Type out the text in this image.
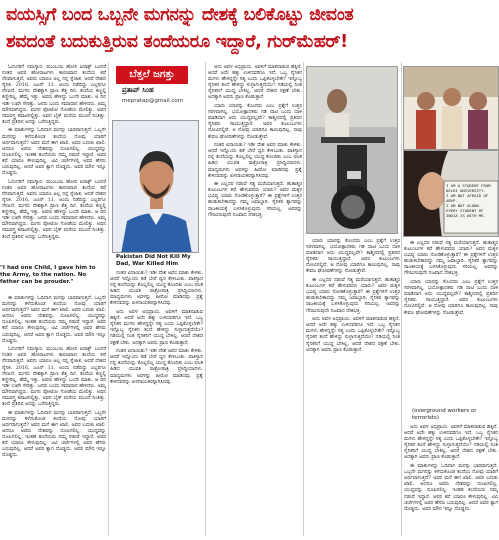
ವಯಸ್ಸಿಗೆ ಬಂದ ಒಬ್ಬನೇ ಮಗನನ್ನು ದೇಶಕ್ಕೆ ಬಲಿಕೊಟ್ಟು ಜೀವಂತ
ಶವದಂತೆ ಬದುಕುತ್ತಿರುವ ತಂದೆಯರೂ ಇದ್ದಾರೆ, ಗುರ್‌ಮೆಹರ್!

ಓದುಗರಿಗೆ ನಮಸ್ಕಾರ. ಮುಂಬಯಿ ಹೋರಿ ಐರಾಕ್ಸ್ ಬಂದರೆ ನಂತರ ಅವರ ಹೋರಾಟಗಳು ಕಾರಣವಾದ ತಂದೆಯ ಕಥೆ ನೆನಪಾಗುತ್ತದೆ. ಅವನು ಯಾರೂ ಅಲ್ಲ ನನ್ನ ಸ್ನೇಹಿತ, ಆದರೆ ದೇಶದ ಸೈನಿಕ. 2016, ಜೂನ್ 11. ಅಂದು ನಡೆದಿದ್ದು ಎಲ್ಲರಿಗೂ ನೆನಪಿದೆ. ಮಗನು ದೇಶಕ್ಕಾಗಿ ಪ್ರಾಣ ತೆತ್ತ ದಿನ. ತಂದೆಯ ಕಣ್ಣಲ್ಲಿ ಕಣ್ಣೀರಿಲ್ಲ, ಹೆಮ್ಮೆ ಇತ್ತು. ಅವರು ಹೇಳಿದ್ದು ಒಂದೇ ಮಾತು. ಆ ದಿನ ಇಡೀ ಊರೇ ಸೇರಿತ್ತು. ಜನರು ಬಂದು ಸಮಾಧಾನ ಹೇಳಿದರು. ಅಮ್ಮ ಮೌನವಾಗಿದ್ದರು. ಮಗನ ಫೋಟೋ ಗೋಡೆಯ ಮೇಲಿತ್ತು. ಅವನ ಸಮವಸ್ತ್ರ ಕಪಾಟಿನಲ್ಲಿತ್ತು. ಅವನ ಬೈಕ್ ಮನೆಯ ಮುಂದೆ ನಿಂತಿತ್ತು. ತಂದೆ ಪ್ರತಿದಿನ ಅದನ್ನು ಒರೆಸುತ್ತಿದ್ದರು.

ಈ ಮಾತುಗಳನ್ನು ಓದಿದಾಗ ಮನಸ್ಸು ಭಾರವಾಗುತ್ತದೆ. ಒಬ್ಬನೇ ಮಗನನ್ನು ಕಳೆದುಕೊಂಡ ತಂದೆಯ ನೋವು ಯಾರಿಗೆ ಅರ್ಥವಾಗುತ್ತದೆ? ಅವರ ಮನೆ ಈಗ ಖಾಲಿ. ಅವರ ಬದುಕು ಖಾಲಿ. ಆದರೂ ಅವರು ದೇಶವನ್ನು ದೂಷಿಸಲಿಲ್ಲ. ಯುದ್ಧವನ್ನು ದೂಷಿಸಲಿಲ್ಲ. ಇಂತಹ ತಂದೆಯರು ನಮ್ಮ ನಡುವೆ ಇದ್ದಾರೆ. ಅವರ ಕಥೆ ಯಾರೂ ಕೇಳುವುದಿಲ್ಲ. ಟಿವಿ ಚರ್ಚೆಗಳಲ್ಲಿ ಅವರ ಹೆಸರು ಬರುವುದಿಲ್ಲ. ಆದರೆ ಅವರ ತ್ಯಾಗ ದೊಡ್ಡದು. ಅವರ ಮೌನ ಇನ್ನೂ ದೊಡ್ಡದು.

ಓದುಗರಿಗೆ ನಮಸ್ಕಾರ. ಮುಂಬಯಿ ಹೋರಿ ಐರಾಕ್ಸ್ ಬಂದರೆ ನಂತರ ಅವರ ಹೋರಾಟಗಳು ಕಾರಣವಾದ ತಂದೆಯ ಕಥೆ ನೆನಪಾಗುತ್ತದೆ. ಅವನು ಯಾರೂ ಅಲ್ಲ ನನ್ನ ಸ್ನೇಹಿತ, ಆದರೆ ದೇಶದ ಸೈನಿಕ. 2016, ಜೂನ್ 11. ಅಂದು ನಡೆದಿದ್ದು ಎಲ್ಲರಿಗೂ ನೆನಪಿದೆ. ಮಗನು ದೇಶಕ್ಕಾಗಿ ಪ್ರಾಣ ತೆತ್ತ ದಿನ. ತಂದೆಯ ಕಣ್ಣಲ್ಲಿ ಕಣ್ಣೀರಿಲ್ಲ, ಹೆಮ್ಮೆ ಇತ್ತು. ಅವರು ಹೇಳಿದ್ದು ಒಂದೇ ಮಾತು. ಆ ದಿನ ಇಡೀ ಊರೇ ಸೇರಿತ್ತು. ಜನರು ಬಂದು ಸಮಾಧಾನ ಹೇಳಿದರು. ಅಮ್ಮ ಮೌನವಾಗಿದ್ದರು. ಮಗನ ಫೋಟೋ ಗೋಡೆಯ ಮೇಲಿತ್ತು. ಅವನ ಸಮವಸ್ತ್ರ ಕಪಾಟಿನಲ್ಲಿತ್ತು. ಅವನ ಬೈಕ್ ಮನೆಯ ಮುಂದೆ ನಿಂತಿತ್ತು. ತಂದೆ ಪ್ರತಿದಿನ ಅದನ್ನು ಒರೆಸುತ್ತಿದ್ದರು.

"I had one Child, I gave him to the Army, to the nation. No father can be prouder."

ಈ ಮಾತುಗಳನ್ನು ಓದಿದಾಗ ಮನಸ್ಸು ಭಾರವಾಗುತ್ತದೆ. ಒಬ್ಬನೇ ಮಗನನ್ನು ಕಳೆದುಕೊಂಡ ತಂದೆಯ ನೋವು ಯಾರಿಗೆ ಅರ್ಥವಾಗುತ್ತದೆ? ಅವರ ಮನೆ ಈಗ ಖಾಲಿ. ಅವರ ಬದುಕು ಖಾಲಿ. ಆದರೂ ಅವರು ದೇಶವನ್ನು ದೂಷಿಸಲಿಲ್ಲ. ಯುದ್ಧವನ್ನು ದೂಷಿಸಲಿಲ್ಲ. ಇಂತಹ ತಂದೆಯರು ನಮ್ಮ ನಡುವೆ ಇದ್ದಾರೆ. ಅವರ ಕಥೆ ಯಾರೂ ಕೇಳುವುದಿಲ್ಲ. ಟಿವಿ ಚರ್ಚೆಗಳಲ್ಲಿ ಅವರ ಹೆಸರು ಬರುವುದಿಲ್ಲ. ಆದರೆ ಅವರ ತ್ಯಾಗ ದೊಡ್ಡದು. ಅವರ ಮೌನ ಇನ್ನೂ ದೊಡ್ಡದು.

ಓದುಗರಿಗೆ ನಮಸ್ಕಾರ. ಮುಂಬಯಿ ಹೋರಿ ಐರಾಕ್ಸ್ ಬಂದರೆ ನಂತರ ಅವರ ಹೋರಾಟಗಳು ಕಾರಣವಾದ ತಂದೆಯ ಕಥೆ ನೆನಪಾಗುತ್ತದೆ. ಅವನು ಯಾರೂ ಅಲ್ಲ ನನ್ನ ಸ್ನೇಹಿತ, ಆದರೆ ದೇಶದ ಸೈನಿಕ. 2016, ಜೂನ್ 11. ಅಂದು ನಡೆದಿದ್ದು ಎಲ್ಲರಿಗೂ ನೆನಪಿದೆ. ಮಗನು ದೇಶಕ್ಕಾಗಿ ಪ್ರಾಣ ತೆತ್ತ ದಿನ. ತಂದೆಯ ಕಣ್ಣಲ್ಲಿ ಕಣ್ಣೀರಿಲ್ಲ, ಹೆಮ್ಮೆ ಇತ್ತು. ಅವರು ಹೇಳಿದ್ದು ಒಂದೇ ಮಾತು. ಆ ದಿನ ಇಡೀ ಊರೇ ಸೇರಿತ್ತು. ಜನರು ಬಂದು ಸಮಾಧಾನ ಹೇಳಿದರು. ಅಮ್ಮ ಮೌನವಾಗಿದ್ದರು. ಮಗನ ಫೋಟೋ ಗೋಡೆಯ ಮೇಲಿತ್ತು. ಅವನ ಸಮವಸ್ತ್ರ ಕಪಾಟಿನಲ್ಲಿತ್ತು. ಅವನ ಬೈಕ್ ಮನೆಯ ಮುಂದೆ ನಿಂತಿತ್ತು. ತಂದೆ ಪ್ರತಿದಿನ ಅದನ್ನು ಒರೆಸುತ್ತಿದ್ದರು.

ಈ ಮಾತುಗಳನ್ನು ಓದಿದಾಗ ಮನಸ್ಸು ಭಾರವಾಗುತ್ತದೆ. ಒಬ್ಬನೇ ಮಗನನ್ನು ಕಳೆದುಕೊಂಡ ತಂದೆಯ ನೋವು ಯಾರಿಗೆ ಅರ್ಥವಾಗುತ್ತದೆ? ಅವರ ಮನೆ ಈಗ ಖಾಲಿ. ಅವರ ಬದುಕು ಖಾಲಿ. ಆದರೂ ಅವರು ದೇಶವನ್ನು ದೂಷಿಸಲಿಲ್ಲ. ಯುದ್ಧವನ್ನು ದೂಷಿಸಲಿಲ್ಲ. ಇಂತಹ ತಂದೆಯರು ನಮ್ಮ ನಡುವೆ ಇದ್ದಾರೆ. ಅವರ ಕಥೆ ಯಾರೂ ಕೇಳುವುದಿಲ್ಲ. ಟಿವಿ ಚರ್ಚೆಗಳಲ್ಲಿ ಅವರ ಹೆಸರು ಬರುವುದಿಲ್ಲ. ಆದರೆ ಅವರ ತ್ಯಾಗ ದೊಡ್ಡದು. ಅವರ ಮೌನ ಇನ್ನೂ ದೊಡ್ಡದು.

ಬೆತ್ತಲೆ ಜಗತ್ತು
ಪ್ರತಾಪ್ ಸಿಂಹ
mepratap@gmail.com
Pakistan Did Not Kill My Dad, War Killed Him

ನಂತರ ಏನಾಯಿತು? ಇಡೀ ದೇಶ ಅವರ ಮಾತು ಕೇಳಿತು. ಆದರೆ ಇನ್ನೊಂದು ಕಡೆ ಬೇರೆ ಧ್ವನಿ ಕೇಳಿಬಂತು. ಪಾಕಿಸ್ತಾನ ನನ್ನ ತಂದೆಯನ್ನು ಕೊಲ್ಲಲಿಲ್ಲ ಯುದ್ಧ ಕೊಂದಿತು ಎಂಬ ಫಲಕ ಹಿಡಿದ ಯುವತಿ ರಾತ್ರೋರಾತ್ರಿ ಪ್ರಸಿದ್ಧಿಯಾದಳು. ಮಾಧ್ಯಮಗಳು ಅವಳನ್ನು ಹೀರೋ ಮಾಡಿದವು. ಪ್ರಶ್ನೆ ಕೇಳಿದವರನ್ನು ಖಳನಾಯಕರನ್ನಾಗಿಸಿದವು.

ಅದು ಅವಳ ಅಭಿಪ್ರಾಯ. ಅವಳಿಗೆ ಮಾತನಾಡುವ ಹಕ್ಕಿದೆ. ಆದರೆ ಅದೇ ಹಕ್ಕು ಉಳಿದವರಿಗೂ ಇದೆ. ಒಬ್ಬ ಸೈನಿಕನ ಮಗಳು ಹೇಳಿದ್ದನ್ನೇ ಸತ್ಯ ಎಂದು ಒಪ್ಪಿಕೊಳ್ಳಬೇಕೇ? ಇನ್ನೊಬ್ಬ ಸೈನಿಕನ ತಂದೆ ಹೇಳಿದ್ದು ಸುಳ್ಳಾಗುತ್ತದೆಯೇ? ಗಡಿಯಲ್ಲಿ ನಿಂತ ಸೈನಿಕನಿಗೆ ಯುದ್ಧ ಬೇಕಿಲ್ಲ. ಆದರೆ ದೇಶದ ರಕ್ಷಣೆ ಬೇಕು. ಅದಕ್ಕಾಗಿ ಅವನು ಪ್ರಾಣ ಕೊಡುತ್ತಾನೆ.

ನಂತರ ಏನಾಯಿತು? ಇಡೀ ದೇಶ ಅವರ ಮಾತು ಕೇಳಿತು. ಆದರೆ ಇನ್ನೊಂದು ಕಡೆ ಬೇರೆ ಧ್ವನಿ ಕೇಳಿಬಂತು. ಪಾಕಿಸ್ತಾನ ನನ್ನ ತಂದೆಯನ್ನು ಕೊಲ್ಲಲಿಲ್ಲ ಯುದ್ಧ ಕೊಂದಿತು ಎಂಬ ಫಲಕ ಹಿಡಿದ ಯುವತಿ ರಾತ್ರೋರಾತ್ರಿ ಪ್ರಸಿದ್ಧಿಯಾದಳು. ಮಾಧ್ಯಮಗಳು ಅವಳನ್ನು ಹೀರೋ ಮಾಡಿದವು. ಪ್ರಶ್ನೆ ಕೇಳಿದವರನ್ನು ಖಳನಾಯಕರನ್ನಾಗಿಸಿದವು.

ಅದು ಅವಳ ಅಭಿಪ್ರಾಯ. ಅವಳಿಗೆ ಮಾತನಾಡುವ ಹಕ್ಕಿದೆ. ಆದರೆ ಅದೇ ಹಕ್ಕು ಉಳಿದವರಿಗೂ ಇದೆ. ಒಬ್ಬ ಸೈನಿಕನ ಮಗಳು ಹೇಳಿದ್ದನ್ನೇ ಸತ್ಯ ಎಂದು ಒಪ್ಪಿಕೊಳ್ಳಬೇಕೇ? ಇನ್ನೊಬ್ಬ ಸೈನಿಕನ ತಂದೆ ಹೇಳಿದ್ದು ಸುಳ್ಳಾಗುತ್ತದೆಯೇ? ಗಡಿಯಲ್ಲಿ ನಿಂತ ಸೈನಿಕನಿಗೆ ಯುದ್ಧ ಬೇಕಿಲ್ಲ. ಆದರೆ ದೇಶದ ರಕ್ಷಣೆ ಬೇಕು. ಅದಕ್ಕಾಗಿ ಅವನು ಪ್ರಾಣ ಕೊಡುತ್ತಾನೆ.

ಯಾರು ಯಾರನ್ನು ಕೊಂದರು ಎಂಬ ಪ್ರಶ್ನೆಗೆ ಉತ್ತರ ಸರಳವಾಗಿಲ್ಲ. ಭಯೋತ್ಪಾದಕರು ಗಡಿ ದಾಟಿ ಬಂದು ದಾಳಿ ಮಾಡಿದಾಗ ಅದು ಯುದ್ಧವಲ್ಲವೇ? ಕಾಶ್ಮೀರದಲ್ಲಿ ಪ್ರತಿದಿನ ಸೈನಿಕರು ಸಾಯುತ್ತಿದ್ದಾರೆ. ಅವರ ಕುಟುಂಬಗಳು ನೋವಿನಲ್ಲಿವೆ. ಆ ನೋವು ಯಾರಿಗೂ ಕಾಣುವುದಿಲ್ಲ. ನಾವು ಕೇವಲ ಘೋಷಣೆಗಳನ್ನು ನೋಡುತ್ತೇವೆ.

ನಂತರ ಏನಾಯಿತು? ಇಡೀ ದೇಶ ಅವರ ಮಾತು ಕೇಳಿತು. ಆದರೆ ಇನ್ನೊಂದು ಕಡೆ ಬೇರೆ ಧ್ವನಿ ಕೇಳಿಬಂತು. ಪಾಕಿಸ್ತಾನ ನನ್ನ ತಂದೆಯನ್ನು ಕೊಲ್ಲಲಿಲ್ಲ ಯುದ್ಧ ಕೊಂದಿತು ಎಂಬ ಫಲಕ ಹಿಡಿದ ಯುವತಿ ರಾತ್ರೋರಾತ್ರಿ ಪ್ರಸಿದ್ಧಿಯಾದಳು. ಮಾಧ್ಯಮಗಳು ಅವಳನ್ನು ಹೀರೋ ಮಾಡಿದವು. ಪ್ರಶ್ನೆ ಕೇಳಿದವರನ್ನು ಖಳನಾಯಕರನ್ನಾಗಿಸಿದವು.

ಈ ಎಲ್ಲದರ ನಡುವೆ ಸತ್ಯ ಮರೆಯಾಗುತ್ತದೆ. ಹುತಾತ್ಮರ ಕುಟುಂಬಗಳ ಕಥೆ ಹೇಳುವವರು ಯಾರು? ಅವರ ಮಕ್ಕಳ ಭವಿಷ್ಯ ಯಾರು ನೋಡಿಕೊಳ್ಳುತ್ತಾರೆ? ಈ ಪ್ರಶ್ನೆಗಳಿಗೆ ಉತ್ತರ ಹುಡುಕಬೇಕಾದದ್ದು ನಮ್ಮ ಜವಾಬ್ದಾರಿ. ಸೈನಿಕರ ತ್ಯಾಗವನ್ನು ರಾಜಕೀಯಕ್ಕೆ ಬಳಸಿಕೊಳ್ಳುವುದು ಸರಿಯಲ್ಲ. ಅವರನ್ನು ಗೌರವಿಸುವುದೇ ನಿಜವಾದ ದೇಶಭಕ್ತಿ.

ಯಾರು ಯಾರನ್ನು ಕೊಂದರು ಎಂಬ ಪ್ರಶ್ನೆಗೆ ಉತ್ತರ ಸರಳವಾಗಿಲ್ಲ. ಭಯೋತ್ಪಾದಕರು ಗಡಿ ದಾಟಿ ಬಂದು ದಾಳಿ ಮಾಡಿದಾಗ ಅದು ಯುದ್ಧವಲ್ಲವೇ? ಕಾಶ್ಮೀರದಲ್ಲಿ ಪ್ರತಿದಿನ ಸೈನಿಕರು ಸಾಯುತ್ತಿದ್ದಾರೆ. ಅವರ ಕುಟುಂಬಗಳು ನೋವಿನಲ್ಲಿವೆ. ಆ ನೋವು ಯಾರಿಗೂ ಕಾಣುವುದಿಲ್ಲ. ನಾವು ಕೇವಲ ಘೋಷಣೆಗಳನ್ನು ನೋಡುತ್ತೇವೆ.

ಈ ಎಲ್ಲದರ ನಡುವೆ ಸತ್ಯ ಮರೆಯಾಗುತ್ತದೆ. ಹುತಾತ್ಮರ ಕುಟುಂಬಗಳ ಕಥೆ ಹೇಳುವವರು ಯಾರು? ಅವರ ಮಕ್ಕಳ ಭವಿಷ್ಯ ಯಾರು ನೋಡಿಕೊಳ್ಳುತ್ತಾರೆ? ಈ ಪ್ರಶ್ನೆಗಳಿಗೆ ಉತ್ತರ ಹುಡುಕಬೇಕಾದದ್ದು ನಮ್ಮ ಜವಾಬ್ದಾರಿ. ಸೈನಿಕರ ತ್ಯಾಗವನ್ನು ರಾಜಕೀಯಕ್ಕೆ ಬಳಸಿಕೊಳ್ಳುವುದು ಸರಿಯಲ್ಲ. ಅವರನ್ನು ಗೌರವಿಸುವುದೇ ನಿಜವಾದ ದೇಶಭಕ್ತಿ.

ಅದು ಅವಳ ಅಭಿಪ್ರಾಯ. ಅವಳಿಗೆ ಮಾತನಾಡುವ ಹಕ್ಕಿದೆ. ಆದರೆ ಅದೇ ಹಕ್ಕು ಉಳಿದವರಿಗೂ ಇದೆ. ಒಬ್ಬ ಸೈನಿಕನ ಮಗಳು ಹೇಳಿದ್ದನ್ನೇ ಸತ್ಯ ಎಂದು ಒಪ್ಪಿಕೊಳ್ಳಬೇಕೇ? ಇನ್ನೊಬ್ಬ ಸೈನಿಕನ ತಂದೆ ಹೇಳಿದ್ದು ಸುಳ್ಳಾಗುತ್ತದೆಯೇ? ಗಡಿಯಲ್ಲಿ ನಿಂತ ಸೈನಿಕನಿಗೆ ಯುದ್ಧ ಬೇಕಿಲ್ಲ. ಆದರೆ ದೇಶದ ರಕ್ಷಣೆ ಬೇಕು. ಅದಕ್ಕಾಗಿ ಅವನು ಪ್ರಾಣ ಕೊಡುತ್ತಾನೆ.

I AM A STUDENT FROM
DELHI UNIVERSITY.
I AM NOT AFRAID OF
ABVP.
I AM NOT ALONE.
EVERY STUDENT OF
INDIA IS WITH ME.

ಈ ಎಲ್ಲದರ ನಡುವೆ ಸತ್ಯ ಮರೆಯಾಗುತ್ತದೆ. ಹುತಾತ್ಮರ ಕುಟುಂಬಗಳ ಕಥೆ ಹೇಳುವವರು ಯಾರು? ಅವರ ಮಕ್ಕಳ ಭವಿಷ್ಯ ಯಾರು ನೋಡಿಕೊಳ್ಳುತ್ತಾರೆ? ಈ ಪ್ರಶ್ನೆಗಳಿಗೆ ಉತ್ತರ ಹುಡುಕಬೇಕಾದದ್ದು ನಮ್ಮ ಜವಾಬ್ದಾರಿ. ಸೈನಿಕರ ತ್ಯಾಗವನ್ನು ರಾಜಕೀಯಕ್ಕೆ ಬಳಸಿಕೊಳ್ಳುವುದು ಸರಿಯಲ್ಲ. ಅವರನ್ನು ಗೌರವಿಸುವುದೇ ನಿಜವಾದ ದೇಶಭಕ್ತಿ.

ಯಾರು ಯಾರನ್ನು ಕೊಂದರು ಎಂಬ ಪ್ರಶ್ನೆಗೆ ಉತ್ತರ ಸರಳವಾಗಿಲ್ಲ. ಭಯೋತ್ಪಾದಕರು ಗಡಿ ದಾಟಿ ಬಂದು ದಾಳಿ ಮಾಡಿದಾಗ ಅದು ಯುದ್ಧವಲ್ಲವೇ? ಕಾಶ್ಮೀರದಲ್ಲಿ ಪ್ರತಿದಿನ ಸೈನಿಕರು ಸಾಯುತ್ತಿದ್ದಾರೆ. ಅವರ ಕುಟುಂಬಗಳು ನೋವಿನಲ್ಲಿವೆ. ಆ ನೋವು ಯಾರಿಗೂ ಕಾಣುವುದಿಲ್ಲ. ನಾವು ಕೇವಲ ಘೋಷಣೆಗಳನ್ನು ನೋಡುತ್ತೇವೆ.

(overground workers or terrorists)

ಅದು ಅವಳ ಅಭಿಪ್ರಾಯ. ಅವಳಿಗೆ ಮಾತನಾಡುವ ಹಕ್ಕಿದೆ. ಆದರೆ ಅದೇ ಹಕ್ಕು ಉಳಿದವರಿಗೂ ಇದೆ. ಒಬ್ಬ ಸೈನಿಕನ ಮಗಳು ಹೇಳಿದ್ದನ್ನೇ ಸತ್ಯ ಎಂದು ಒಪ್ಪಿಕೊಳ್ಳಬೇಕೇ? ಇನ್ನೊಬ್ಬ ಸೈನಿಕನ ತಂದೆ ಹೇಳಿದ್ದು ಸುಳ್ಳಾಗುತ್ತದೆಯೇ? ಗಡಿಯಲ್ಲಿ ನಿಂತ ಸೈನಿಕನಿಗೆ ಯುದ್ಧ ಬೇಕಿಲ್ಲ. ಆದರೆ ದೇಶದ ರಕ್ಷಣೆ ಬೇಕು. ಅದಕ್ಕಾಗಿ ಅವನು ಪ್ರಾಣ ಕೊಡುತ್ತಾನೆ.

ಈ ಮಾತುಗಳನ್ನು ಓದಿದಾಗ ಮನಸ್ಸು ಭಾರವಾಗುತ್ತದೆ. ಒಬ್ಬನೇ ಮಗನನ್ನು ಕಳೆದುಕೊಂಡ ತಂದೆಯ ನೋವು ಯಾರಿಗೆ ಅರ್ಥವಾಗುತ್ತದೆ? ಅವರ ಮನೆ ಈಗ ಖಾಲಿ. ಅವರ ಬದುಕು ಖಾಲಿ. ಆದರೂ ಅವರು ದೇಶವನ್ನು ದೂಷಿಸಲಿಲ್ಲ. ಯುದ್ಧವನ್ನು ದೂಷಿಸಲಿಲ್ಲ. ಇಂತಹ ತಂದೆಯರು ನಮ್ಮ ನಡುವೆ ಇದ್ದಾರೆ. ಅವರ ಕಥೆ ಯಾರೂ ಕೇಳುವುದಿಲ್ಲ. ಟಿವಿ ಚರ್ಚೆಗಳಲ್ಲಿ ಅವರ ಹೆಸರು ಬರುವುದಿಲ್ಲ. ಆದರೆ ಅವರ ತ್ಯಾಗ ದೊಡ್ಡದು. ಅವರ ಮೌನ ಇನ್ನೂ ದೊಡ್ಡದು.
